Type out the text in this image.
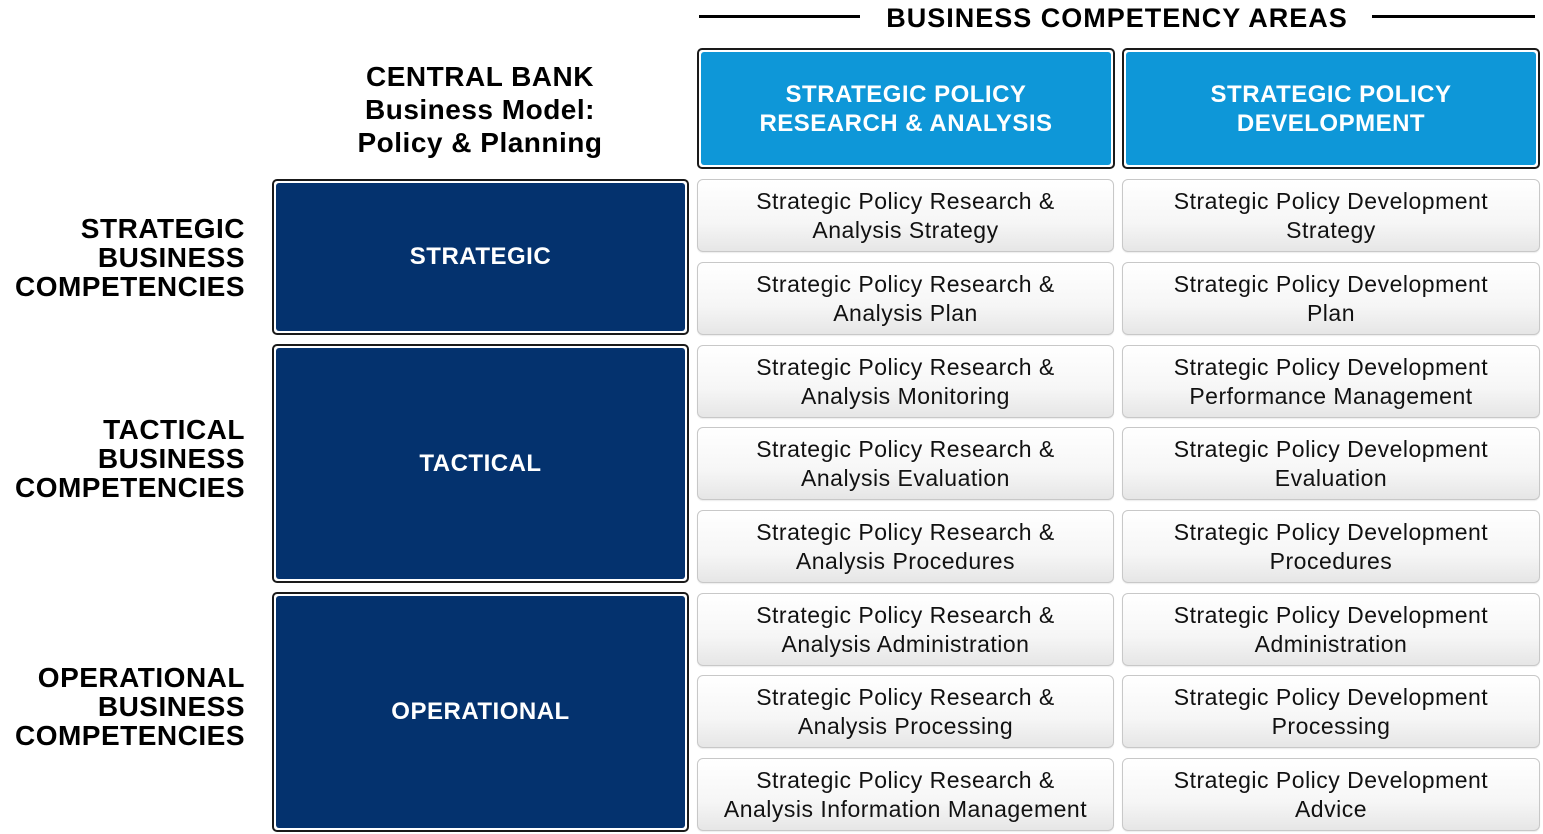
BUSINESS COMPETENCY AREAS
CENTRAL BANK
Business Model:
Policy & Planning
STRATEGIC POLICY
RESEARCH & ANALYSIS
STRATEGIC POLICY
DEVELOPMENT
STRATEGIC
BUSINESS
COMPETENCIES
TACTICAL
BUSINESS
COMPETENCIES
OPERATIONAL
BUSINESS
COMPETENCIES
STRATEGIC
TACTICAL
OPERATIONAL
Strategic Policy Research &
Analysis Strategy
Strategic Policy Development
Strategy
Strategic Policy Research &
Analysis Plan
Strategic Policy Development
Plan
Strategic Policy Research &
Analysis Monitoring
Strategic Policy Development
Performance Management
Strategic Policy Research &
Analysis Evaluation
Strategic Policy Development
Evaluation
Strategic Policy Research &
Analysis Procedures
Strategic Policy Development
Procedures
Strategic Policy Research &
Analysis Administration
Strategic Policy Development
Administration
Strategic Policy Research &
Analysis Processing
Strategic Policy Development
Processing
Strategic Policy Research &
Analysis Information Management
Strategic Policy Development
Advice
